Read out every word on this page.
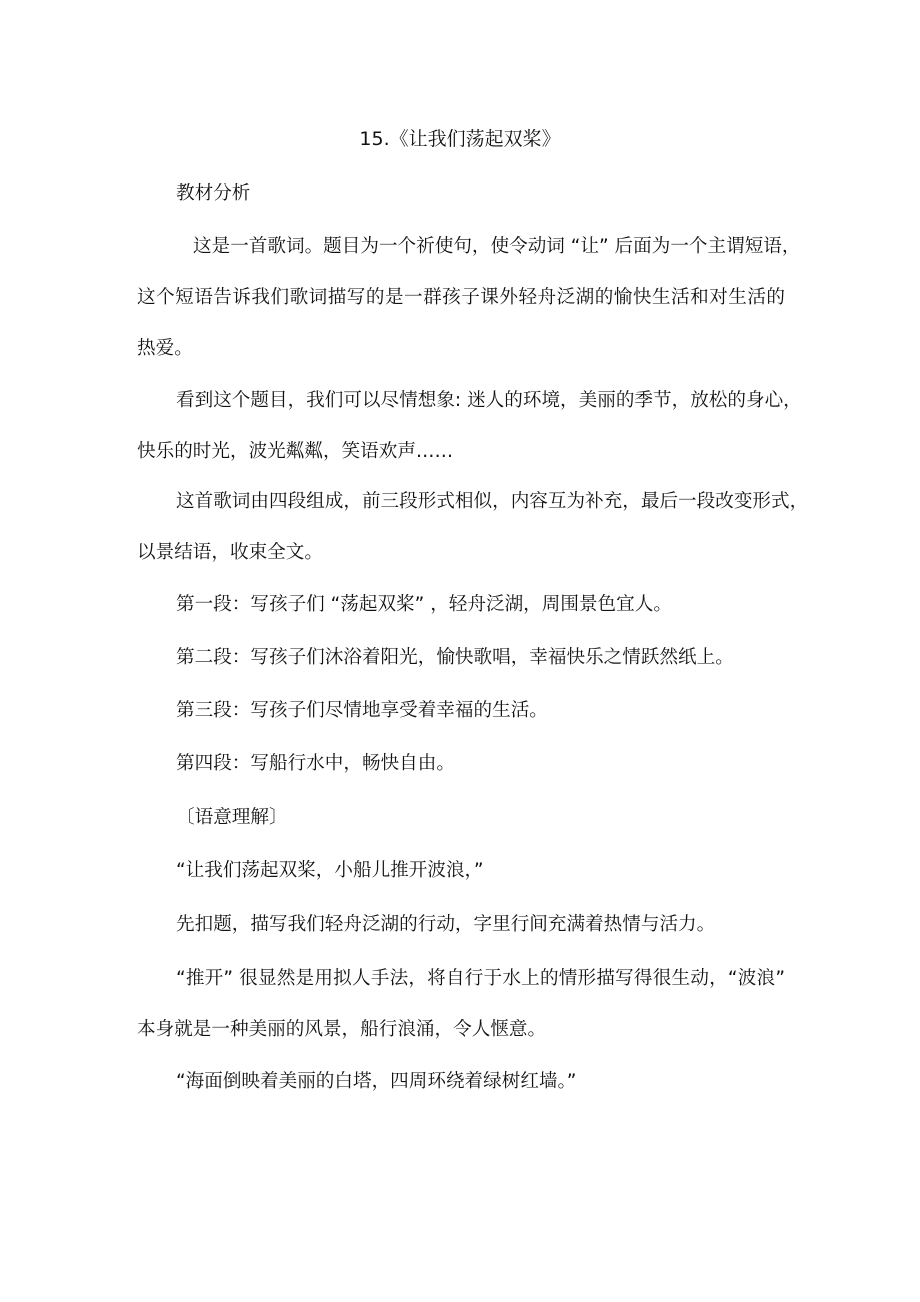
15.《让我们荡起双桨》
教材分析
这是一首歌词。题目为一个祈使句，使令动词 “让” 后面为一个主谓短语，
这个短语告诉我们歌词描写的是一群孩子课外轻舟泛湖的愉快生活和对生活的
热爱。
看到这个题目，我们可以尽情想象: 迷人的环境，美丽的季节，放松的身心，
快乐的时光，波光粼粼，笑语欢声……
这首歌词由四段组成，前三段形式相似，内容互为补充，最后一段改变形式，
以景结语，收束全文。
第一段：写孩子们 “荡起双桨” ，轻舟泛湖，周围景色宜人。
第二段：写孩子们沐浴着阳光，愉快歌唱，幸福快乐之情跃然纸上。
第三段：写孩子们尽情地享受着幸福的生活。
第四段：写船行水中，畅快自由。
〔语意理解〕
“让我们荡起双桨，小船儿推开波浪，”
先扣题，描写我们轻舟泛湖的行动，字里行间充满着热情与活力。
“推开” 很显然是用拟人手法，将自行于水上的情形描写得很生动，“波浪”
本身就是一种美丽的风景，船行浪涌，令人惬意。
“海面倒映着美丽的白塔，四周环绕着绿树红墙。”
